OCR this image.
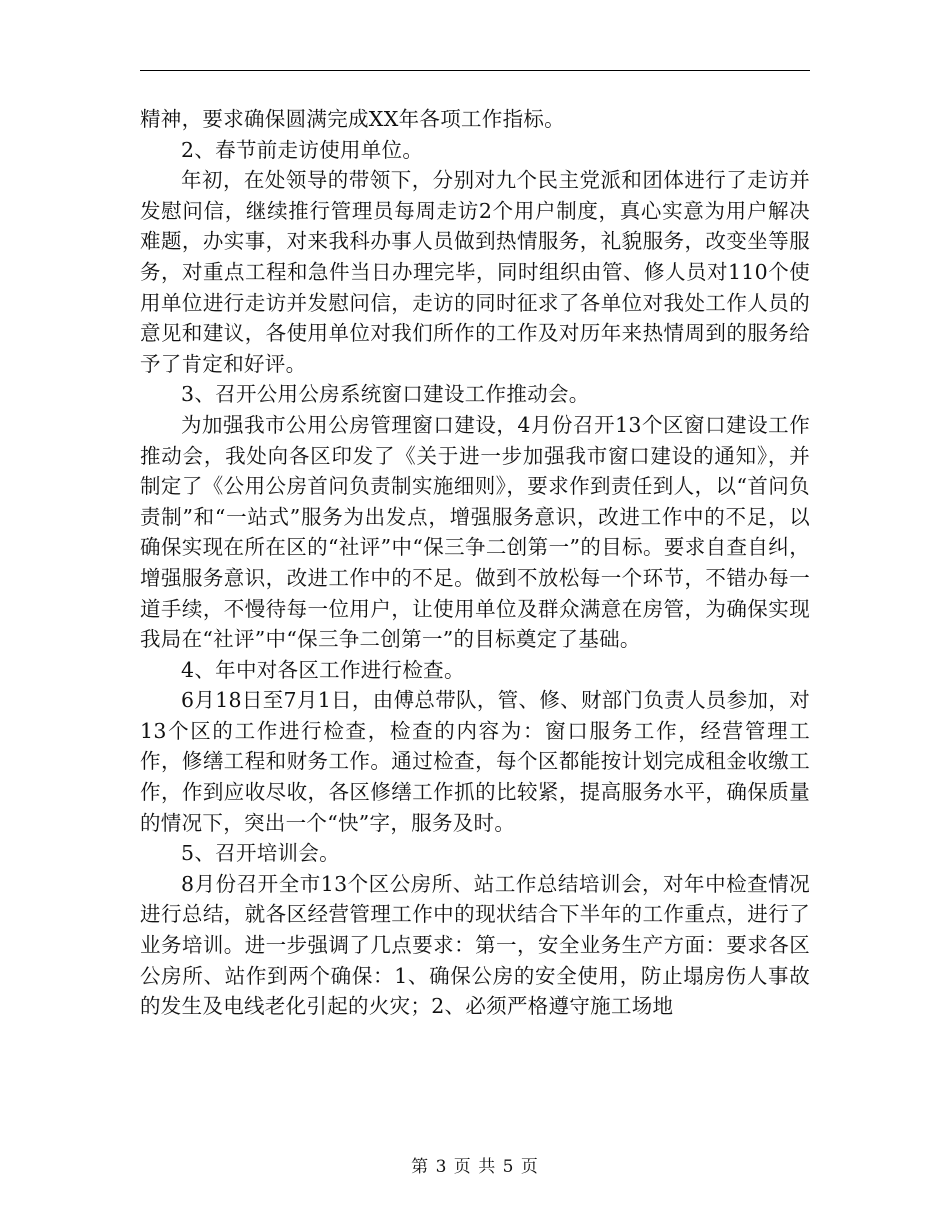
精神，要求确保圆满完成XX年各项工作指标。

2、春节前走访使用单位。

年初，在处领导的带领下，分别对九个民主党派和团体进行了走访并发慰问信，继续推行管理员每周走访2个用户制度，真心实意为用户解决难题，办实事，对来我科办事人员做到热情服务，礼貌服务，改变坐等服务，对重点工程和急件当日办理完毕，同时组织由管、修人员对110个使用单位进行走访并发慰问信，走访的同时征求了各单位对我处工作人员的意见和建议，各使用单位对我们所作的工作及对历年来热情周到的服务给予了肯定和好评。

3、召开公用公房系统窗口建设工作推动会。

为加强我市公用公房管理窗口建设，4月份召开13个区窗口建设工作推动会，我处向各区印发了《关于进一步加强我市窗口建设的通知》，并制定了《公用公房首问负责制实施细则》，要求作到责任到人，以“首问负责制”和“一站式”服务为出发点，增强服务意识，改进工作中的不足，以确保实现在所在区的“社评”中“保三争二创第一”的目标。要求自查自纠，增强服务意识，改进工作中的不足。做到不放松每一个环节，不错办每一道手续，不慢待每一位用户，让使用单位及群众满意在房管，为确保实现我局在“社评”中“保三争二创第一”的目标奠定了基础。

4、年中对各区工作进行检查。

6月18日至7月1日，由傅总带队，管、修、财部门负责人员参加，对13个区的工作进行检查，检查的内容为：窗口服务工作，经营管理工作，修缮工程和财务工作。通过检查，每个区都能按计划完成租金收缴工作，作到应收尽收，各区修缮工作抓的比较紧，提高服务水平，确保质量的情况下，突出一个“快”字，服务及时。

5、召开培训会。

8月份召开全市13个区公房所、站工作总结培训会，对年中检查情况进行总结，就各区经营管理工作中的现状结合下半年的工作重点，进行了业务培训。进一步强调了几点要求：第一，安全业务生产方面：要求各区公房所、站作到两个确保：1、确保公房的安全使用，防止塌房伤人事故的发生及电线老化引起的火灾；2、必须严格遵守施工场地

第 3 页 共 5 页
